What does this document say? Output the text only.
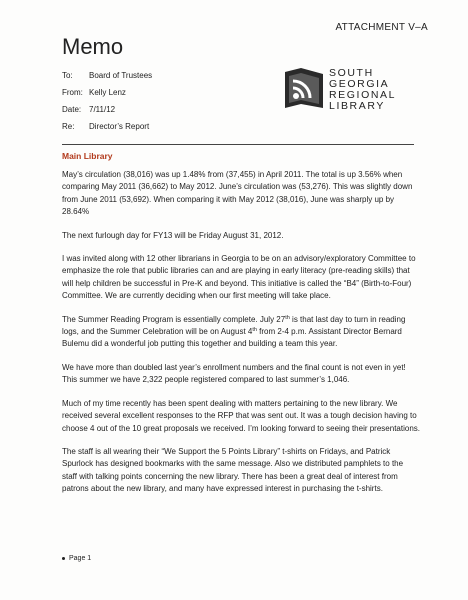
ATTACHMENT V–A
Memo
To:	Board of Trustees
From: Kelly Lenz
Date: 7/11/12
Re:	Director’s Report
SOUTH
GEORGIA
REGIONAL
LIBRARY
Main Library

May’s circulation (38,016) was up 1.48% from (37,455) in April 2011. The total is up 3.56% when comparing May 2011 (36,662) to May 2012. June’s circulation was (53,276). This was slightly down from June 2011 (53,692). When comparing it with May 2012 (38,016), June was sharply up by 28.64%

The next furlough day for FY13 will be Friday August 31, 2012.

I was invited along with 12 other librarians in Georgia to be on an advisory/exploratory Committee to emphasize the role that public libraries can and are playing in early literacy (pre-reading skills) that will help children be successful in Pre-K and beyond. This initiative is called the “B4” (Birth-to-Four) Committee. We are currently deciding when our first meeting will take place.

The Summer Reading Program is essentially complete. July 27th is that last day to turn in reading logs, and the Summer Celebration will be on August 4th from 2-4 p.m. Assistant Director Bernard Bulemu did a wonderful job putting this together and building a team this year.

We have more than doubled last year’s enrollment numbers and the final count is not even in yet! This summer we have 2,322 people registered compared to last summer’s 1,046.

Much of my time recently has been spent dealing with matters pertaining to the new library. We received several excellent responses to the RFP that was sent out. It was a tough decision having to choose 4 out of the 10 great proposals we received. I’m looking forward to seeing their presentations.

The staff is all wearing their “We Support the 5 Points Library” t-shirts on Fridays, and Patrick Spurlock has designed bookmarks with the same message. Also we distributed pamphlets to the staff with talking points concerning the new library. There has been a great deal of interest from patrons about the new library, and many have expressed interest in purchasing the t-shirts.

Page 1
